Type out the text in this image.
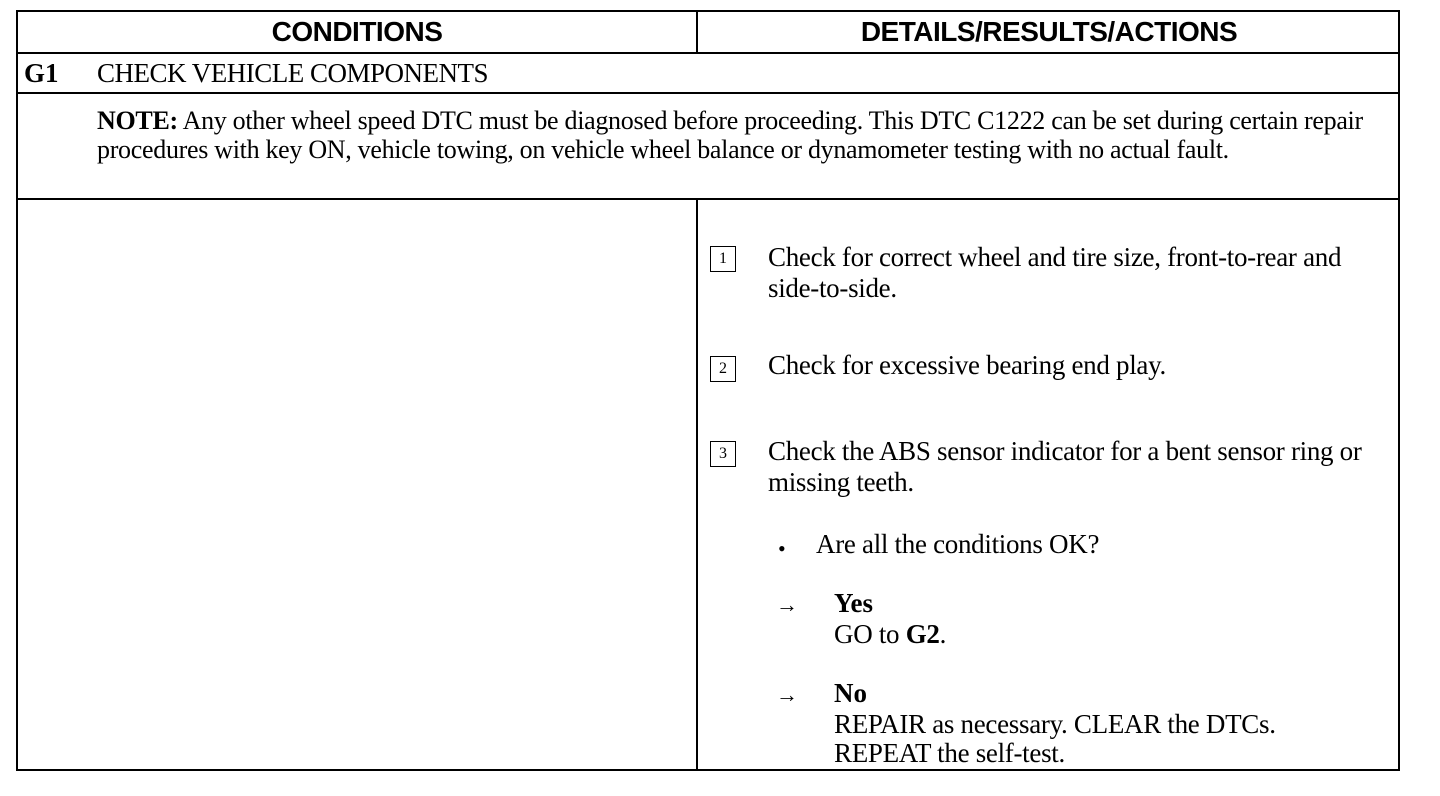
CONDITIONS	DETAILS/RESULTS/ACTIONS
G1 CHECK VEHICLE COMPONENTS
NOTE: Any other wheel speed DTC must be diagnosed before proceeding. This DTC C1222 can be set during certain repair procedures with key ON, vehicle towing, on vehicle wheel balance or dynamometer testing with no actual fault.
1	Check for correct wheel and tire size, front-to-rear and side-to-side.
2	Check for excessive bearing end play.
3	Check the ABS sensor indicator for a bent sensor ring or missing teeth.
• Are all the conditions OK?
→ Yes
GO to G2.
→ No
REPAIR as necessary. CLEAR the DTCs.
REPEAT the self-test.
